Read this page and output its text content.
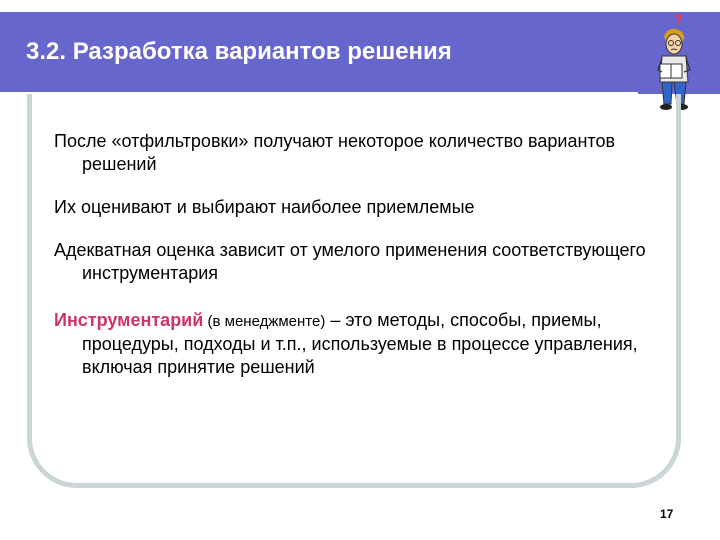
3.2. Разработка вариантов решения
?

После «отфильтровки» получают некоторое количество вариантов решений

Их оценивают и выбирают наиболее приемлемые

Адекватная оценка зависит от умелого применения соответствующего инструментария

Инструментарий (в менеджменте) – это методы, способы, приемы, процедуры, подходы и т.п., используемые в процессе управления, включая принятие решений

17
